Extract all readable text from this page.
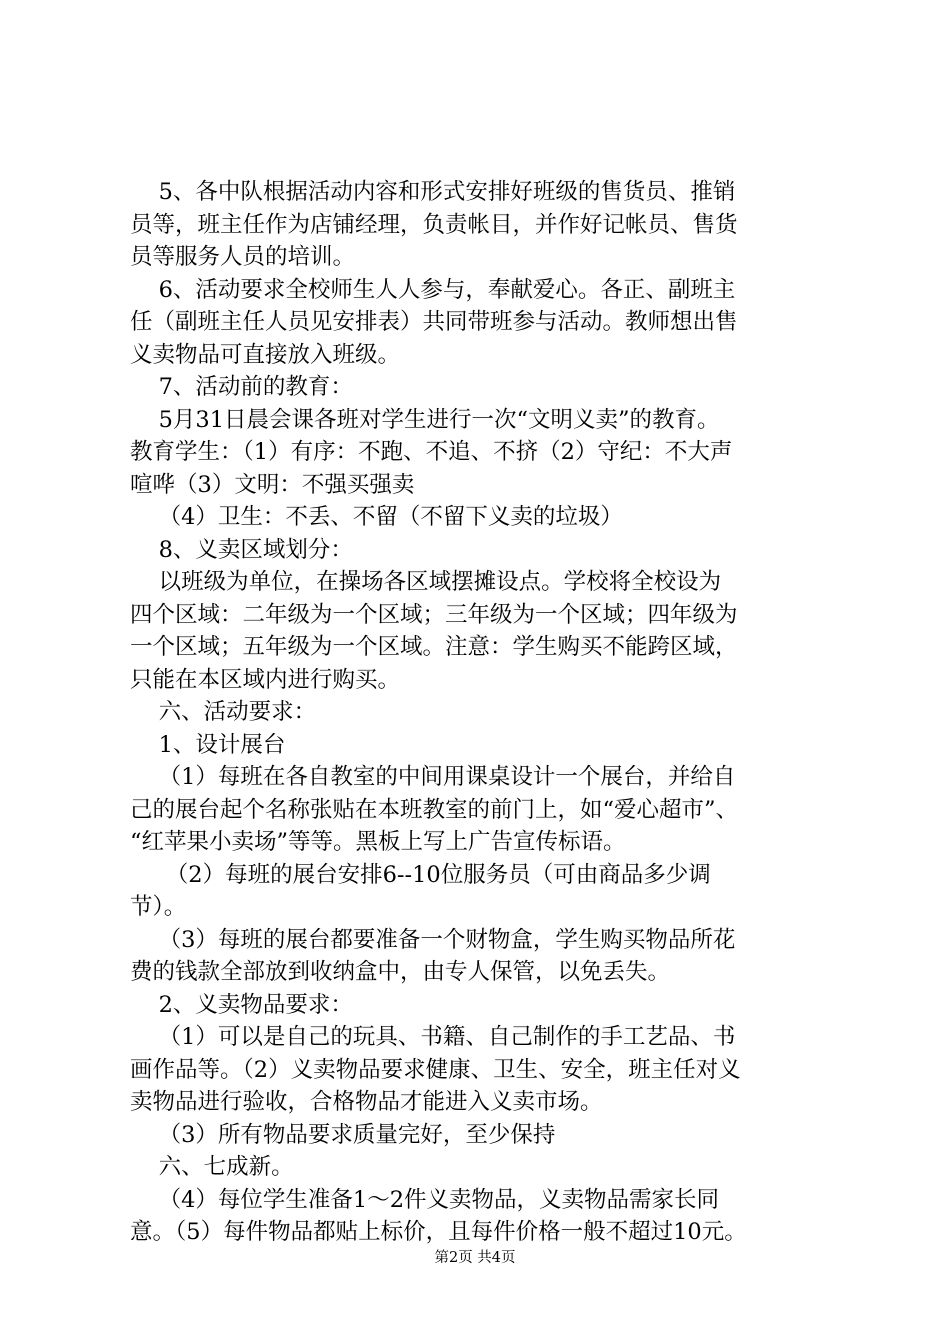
5、各中队根据活动内容和形式安排好班级的售货员、推销
员等，班主任作为店铺经理，负责帐目，并作好记帐员、售货
员等服务人员的培训。
6、活动要求全校师生人人参与，奉献爱心。各正、副班主
任（副班主任人员见安排表）共同带班参与活动。教师想出售
义卖物品可直接放入班级。
7、活动前的教育：
5月31日晨会课各班对学生进行一次“文明义卖”的教育。
教育学生：（1）有序：不跑、不追、不挤（2）守纪：不大声
喧哗（3）文明：不强买强卖
（4）卫生：不丢、不留（不留下义卖的垃圾）
8、义卖区域划分：
以班级为单位，在操场各区域摆摊设点。学校将全校设为
四个区域：二年级为一个区域；三年级为一个区域；四年级为
一个区域；五年级为一个区域。注意：学生购买不能跨区域，
只能在本区域内进行购买。
六、活动要求：
1、设计展台
（1）每班在各自教室的中间用课桌设计一个展台，并给自
己的展台起个名称张贴在本班教室的前门上，如“爱心超市”、
“红苹果小卖场”等等。黑板上写上广告宣传标语。
（2）每班的展台安排6--10位服务员（可由商品多少调
节）。
（3）每班的展台都要准备一个财物盒，学生购买物品所花
费的钱款全部放到收纳盒中，由专人保管，以免丢失。
2、义卖物品要求：
（1）可以是自己的玩具、书籍、自己制作的手工艺品、书
画作品等。（2）义卖物品要求健康、卫生、安全，班主任对义
卖物品进行验收，合格物品才能进入义卖市场。
（3）所有物品要求质量完好，至少保持
六、七成新。
（4）每位学生准备1～2件义卖物品，义卖物品需家长同
意。（5）每件物品都贴上标价，且每件价格一般不超过10元。
第2页 共4页
